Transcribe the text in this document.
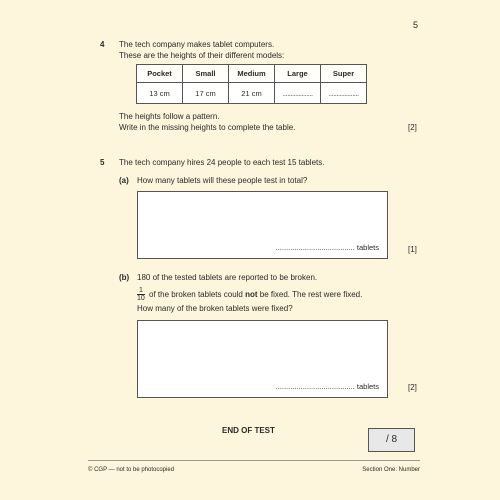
5
4 The tech company makes tablet computers.
These are the heights of their different models:
Pocket	Small	Medium	Large	Super
13 cm	17 cm	21 cm	...................	...................
The heights follow a pattern.
Write in the missing heights to complete the table.	[2]
5 The tech company hires 24 people to each test 15 tablets.
(a) How many tablets will these people test in total?
...................................... tablets	[1]
(b) 180 of the tested tablets are reported to be broken.
$\frac{1}{10}$ of the broken tablets could not be fixed. The rest were fixed.
How many of the broken tablets were fixed?
...................................... tablets	[2]
END OF TEST
/ 8
© CGP — not to be photocopied	Section One: Number
